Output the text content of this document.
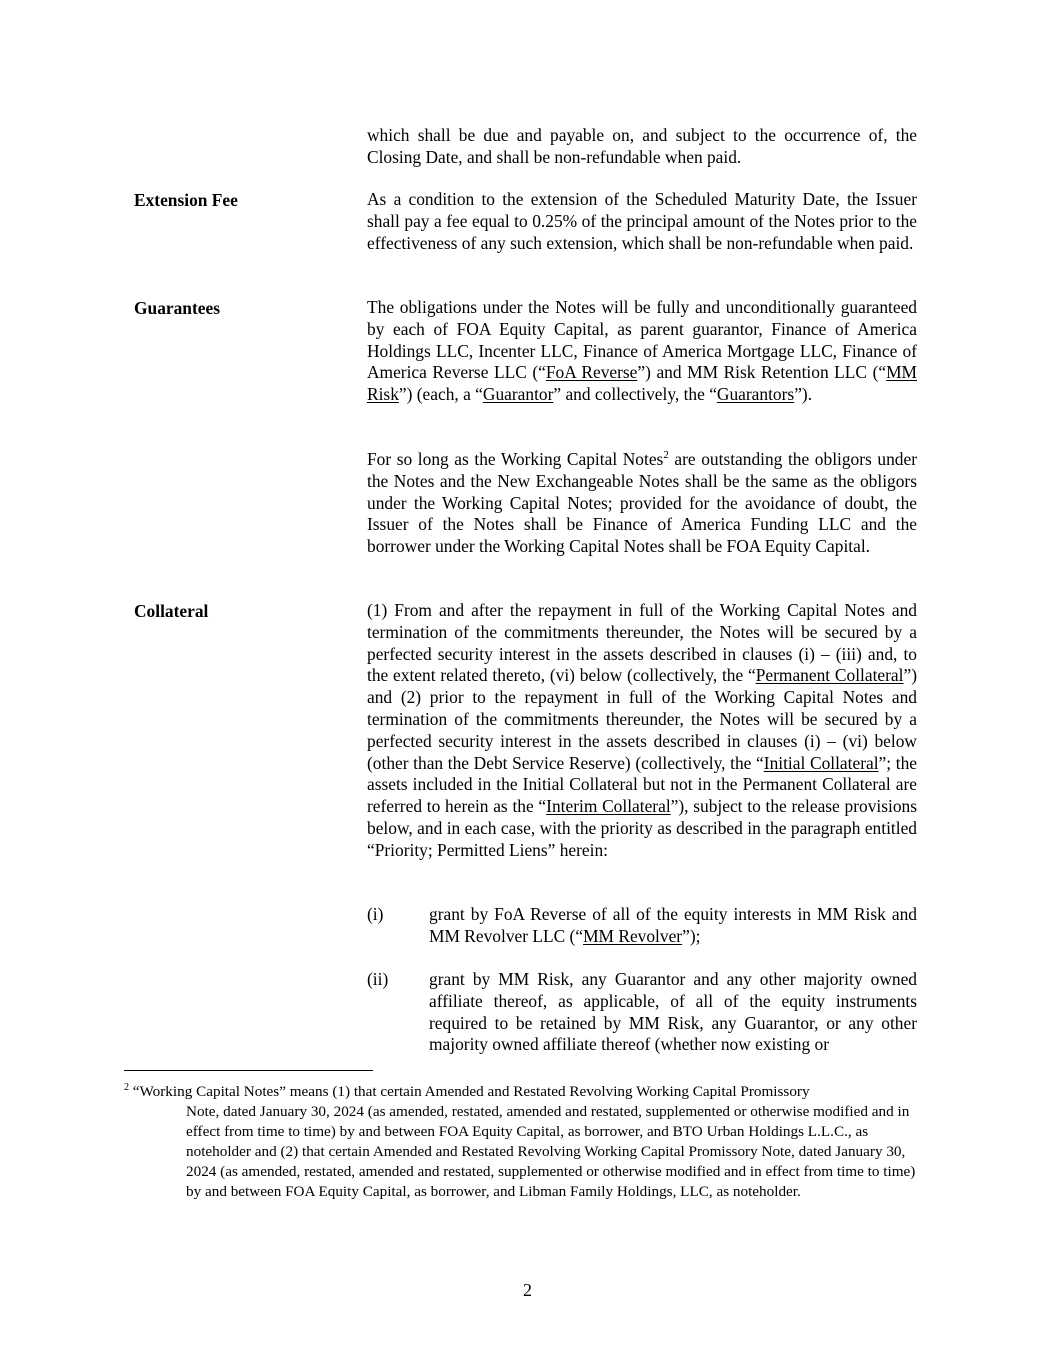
which shall be due and payable on, and subject to the occurrence of, the Closing Date, and shall be non-refundable when paid.

Extension Fee	As a condition to the extension of the Scheduled Maturity Date, the Issuer shall pay a fee equal to 0.25% of the principal amount of the Notes prior to the effectiveness of any such extension, which shall be non-refundable when paid.

Guarantees	The obligations under the Notes will be fully and unconditionally guaranteed by each of FOA Equity Capital, as parent guarantor, Finance of America Holdings LLC, Incenter LLC, Finance of America Mortgage LLC, Finance of America Reverse LLC (“FoA Reverse”) and MM Risk Retention LLC (“MM Risk”) (each, a “Guarantor” and collectively, the “Guarantors”).

For so long as the Working Capital Notes$^2$ are outstanding the obligors under the Notes and the New Exchangeable Notes shall be the same as the obligors under the Working Capital Notes; provided for the avoidance of doubt, the Issuer of the Notes shall be Finance of America Funding LLC and the borrower under the Working Capital Notes shall be FOA Equity Capital.

Collateral	(1) From and after the repayment in full of the Working Capital Notes and termination of the commitments thereunder, the Notes will be secured by a perfected security interest in the assets described in clauses (i) – (iii) and, to the extent related thereto, (vi) below (collectively, the “Permanent Collateral”) and (2) prior to the repayment in full of the Working Capital Notes and termination of the commitments thereunder, the Notes will be secured by a perfected security interest in the assets described in clauses (i) – (vi) below (other than the Debt Service Reserve) (collectively, the “Initial Collateral”; the assets included in the Initial Collateral but not in the Permanent Collateral are referred to herein as the “Interim Collateral”), subject to the release provisions below, and in each case, with the priority as described in the paragraph entitled “Priority; Permitted Liens” herein:

(i)	grant by FoA Reverse of all of the equity interests in MM Risk and MM Revolver LLC (“MM Revolver”);
(ii)	grant by MM Risk, any Guarantor and any other majority owned affiliate thereof, as applicable, of all of the equity instruments required to be retained by MM Risk, any Guarantor, or any other majority owned affiliate thereof (whether now existing or
$^2$ “Working Capital Notes” means (1) that certain Amended and Restated Revolving Working Capital Promissory
Note, dated January 30, 2024 (as amended, restated, amended and restated, supplemented or otherwise modified and in effect from time to time) by and between FOA Equity Capital, as borrower, and BTO Urban Holdings L.L.C., as noteholder and (2) that certain Amended and Restated Revolving Working Capital Promissory Note, dated January 30, 2024 (as amended, restated, amended and restated, supplemented or otherwise modified and in effect from time to time) by and between FOA Equity Capital, as borrower, and Libman Family Holdings, LLC, as noteholder.
2
